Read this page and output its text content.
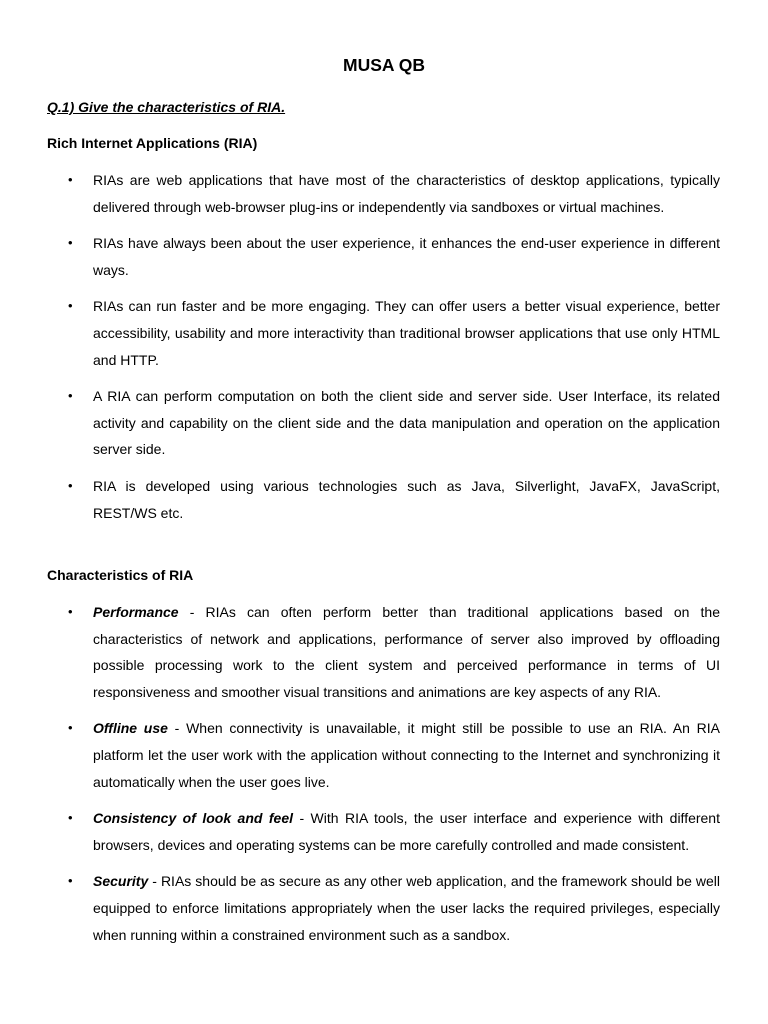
MUSA QB
Q.1) Give the characteristics of RIA.
Rich Internet Applications (RIA)
• RIAs are web applications that have most of the characteristics of desktop applications, typically delivered through web-browser plug-ins or independently via sandboxes or virtual machines.
• RIAs have always been about the user experience, it enhances the end-user experience in different ways.
• RIAs can run faster and be more engaging. They can offer users a better visual experience, better accessibility, usability and more interactivity than traditional browser applications that use only HTML and HTTP.
• A RIA can perform computation on both the client side and server side. User Interface, its related activity and capability on the client side and the data manipulation and operation on the application server side.
• RIA is developed using various technologies such as Java, Silverlight, JavaFX, JavaScript, REST/WS etc.
Characteristics of RIA
• Performance - RIAs can often perform better than traditional applications based on the characteristics of network and applications, performance of server also improved by offloading possible processing work to the client system and perceived performance in terms of UI responsiveness and smoother visual transitions and animations are key aspects of any RIA.
• Offline use - When connectivity is unavailable, it might still be possible to use an RIA. An RIA platform let the user work with the application without connecting to the Internet and synchronizing it automatically when the user goes live.
• Consistency of look and feel - With RIA tools, the user interface and experience with different browsers, devices and operating systems can be more carefully controlled and made consistent.
• Security - RIAs should be as secure as any other web application, and the framework should be well equipped to enforce limitations appropriately when the user lacks the required privileges, especially when running within a constrained environment such as a sandbox.
